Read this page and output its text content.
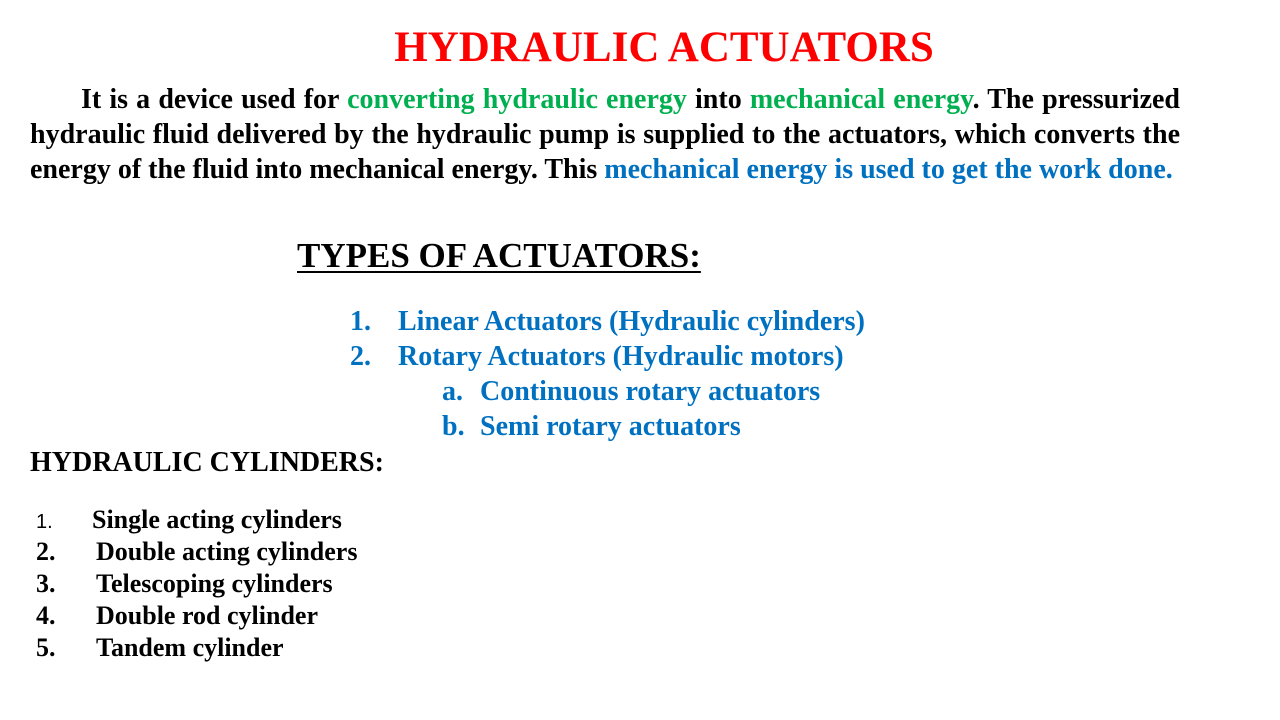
HYDRAULIC ACTUATORS

It is a device used for converting hydraulic energy into mechanical energy. The pressurized hydraulic fluid delivered by the hydraulic pump is supplied to the actuators, which converts the energy of the fluid into mechanical energy. This mechanical energy is used to get the work done.

TYPES OF ACTUATORS:
1. Linear Actuators (Hydraulic cylinders)
2. Rotary Actuators (Hydraulic motors)
a. Continuous rotary actuators
b. Semi rotary actuators
HYDRAULIC CYLINDERS:
1. Single acting cylinders
2. Double acting cylinders
3. Telescoping cylinders
4. Double rod cylinder
5. Tandem cylinder
